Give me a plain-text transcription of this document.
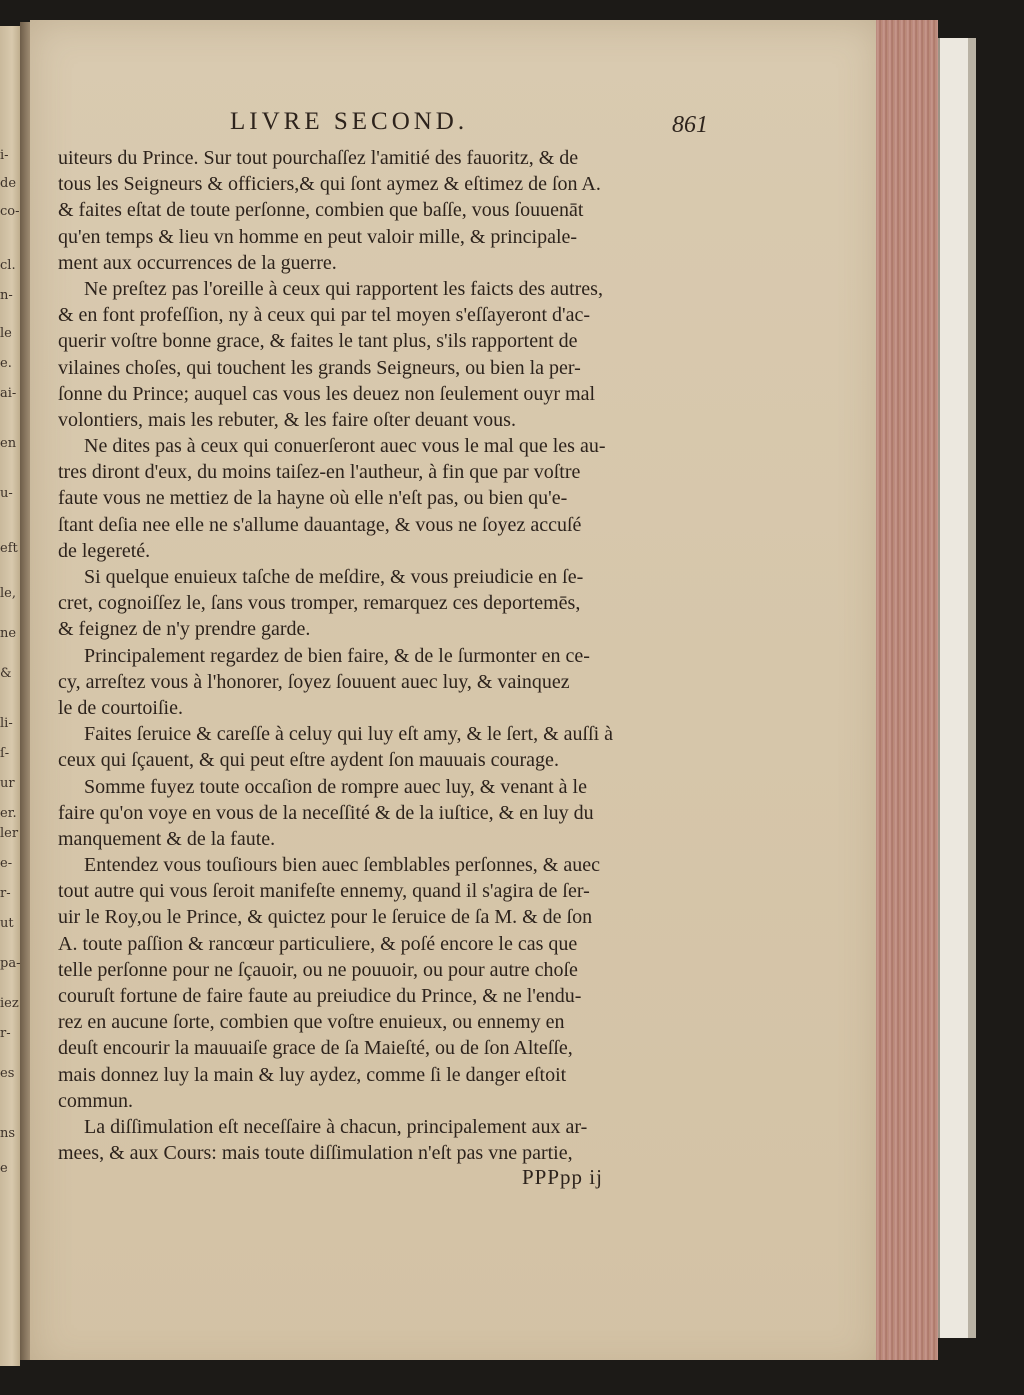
i-
de
co-
cl.
n-
le
e.
ai-
en
u-
eft
le,
ne
&
li-
ſ-
ur
er.
ler
e-
r-
ut
pa-
iez
r-
es
ns
e
LIVRE SECOND.	861
uiteurs du Prince. Sur tout pourchaſſez l'amitié des fauoritz, & de
tous les Seigneurs & officiers,& qui ſont aymez & eſtimez de ſon A.
& faites eſtat de toute perſonne, combien que baſſe, vous ſouuenāt
qu'en temps & lieu vn homme en peut valoir mille, & principale-
ment aux occurrences de la guerre.
Ne preſtez pas l'oreille à ceux qui rapportent les faicts des autres,
& en font profeſſion, ny à ceux qui par tel moyen s'eſſayeront d'ac-
querir voſtre bonne grace, & faites le tant plus, s'ils rapportent de
vilaines choſes, qui touchent les grands Seigneurs, ou bien la per-
ſonne du Prince; auquel cas vous les deuez non ſeulement ouyr mal
volontiers, mais les rebuter, & les faire oſter deuant vous.
Ne dites pas à ceux qui conuerſeront auec vous le mal que les au-
tres diront d'eux, du moins taiſez-en l'autheur, à fin que par voſtre
faute vous ne mettiez de la hayne où elle n'eſt pas, ou bien qu'e-
ſtant deſia nee elle ne s'allume dauantage, & vous ne ſoyez accuſé
de legereté.
Si quelque enuieux taſche de meſdire, & vous preiudicie en ſe-
cret, cognoiſſez le, ſans vous tromper, remarquez ces deportemēs,
& feignez de n'y prendre garde.
Principalement regardez de bien faire, & de le ſurmonter en ce-
cy, arreſtez vous à l'honorer, ſoyez ſouuent auec luy, & vainquez
le de courtoiſie.
Faites ſeruice & careſſe à celuy qui luy eſt amy, & le ſert, & auſſi à
ceux qui ſçauent, & qui peut eſtre aydent ſon mauuais courage.
Somme fuyez toute occaſion de rompre auec luy, & venant à le
faire qu'on voye en vous de la neceſſité & de la iuſtice, & en luy du
manquement & de la faute.
Entendez vous touſiours bien auec ſemblables perſonnes, & auec
tout autre qui vous ſeroit manifeſte ennemy, quand il s'agira de ſer-
uir le Roy,ou le Prince, & quictez pour le ſeruice de ſa M. & de ſon
A. toute paſſion & rancœur particuliere, & poſé encore le cas que
telle perſonne pour ne ſçauoir, ou ne pouuoir, ou pour autre choſe
couruſt fortune de faire faute au preiudice du Prince, & ne l'endu-
rez en aucune ſorte, combien que voſtre enuieux, ou ennemy en
deuſt encourir la mauuaiſe grace de ſa Maieſté, ou de ſon Alteſſe,
mais donnez luy la main & luy aydez, comme ſi le danger eſtoit
commun.
La diſſimulation eſt neceſſaire à chacun, principalement aux ar-
mees, & aux Cours: mais toute diſſimulation n'eſt pas vne partie,
PPPpp ij
